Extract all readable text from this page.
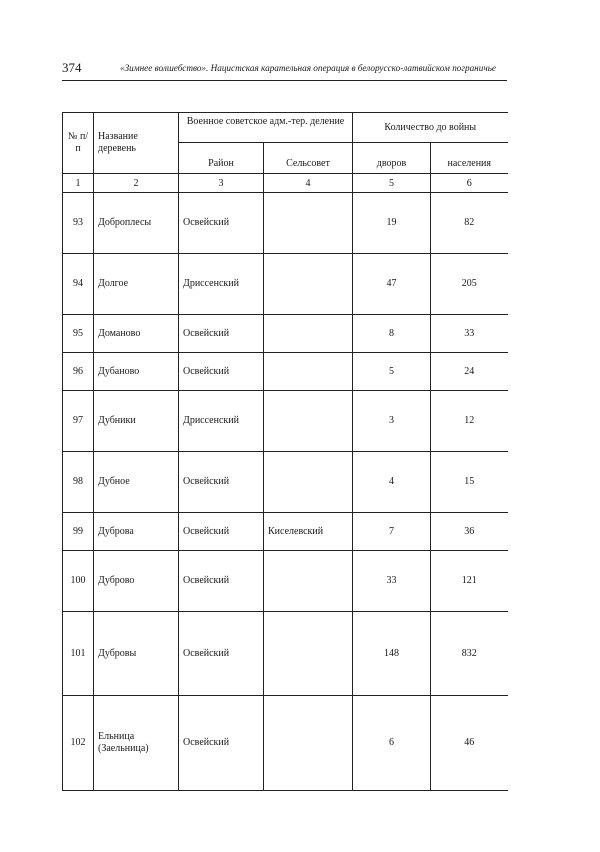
374	«Зимнее волшебство». Нацистская карательная операция в белорусско-латвийском пограничье
№ п/п	Название деревень	Военное советское адм.-тер. деление		Количество до войны	
		Район	Сельсовет	дворов	населения
1	2	3	4	5	6
93	Доброплесы	Освейский		19	82
94	Долгое	Дриссенский		47	205
95	Доманово	Освейский		8	33
96	Дубаново	Освейский		5	24
97	Дубники	Дриссенский		3	12
98	Дубное	Освейский		4	15
99	Дуброва	Освейский	Киселевский	7	36
100	Дуброво	Освейский		33	121
101	Дубровы	Освейский		148	832
102	Ельница (Заельница)	Освейский		6	46
